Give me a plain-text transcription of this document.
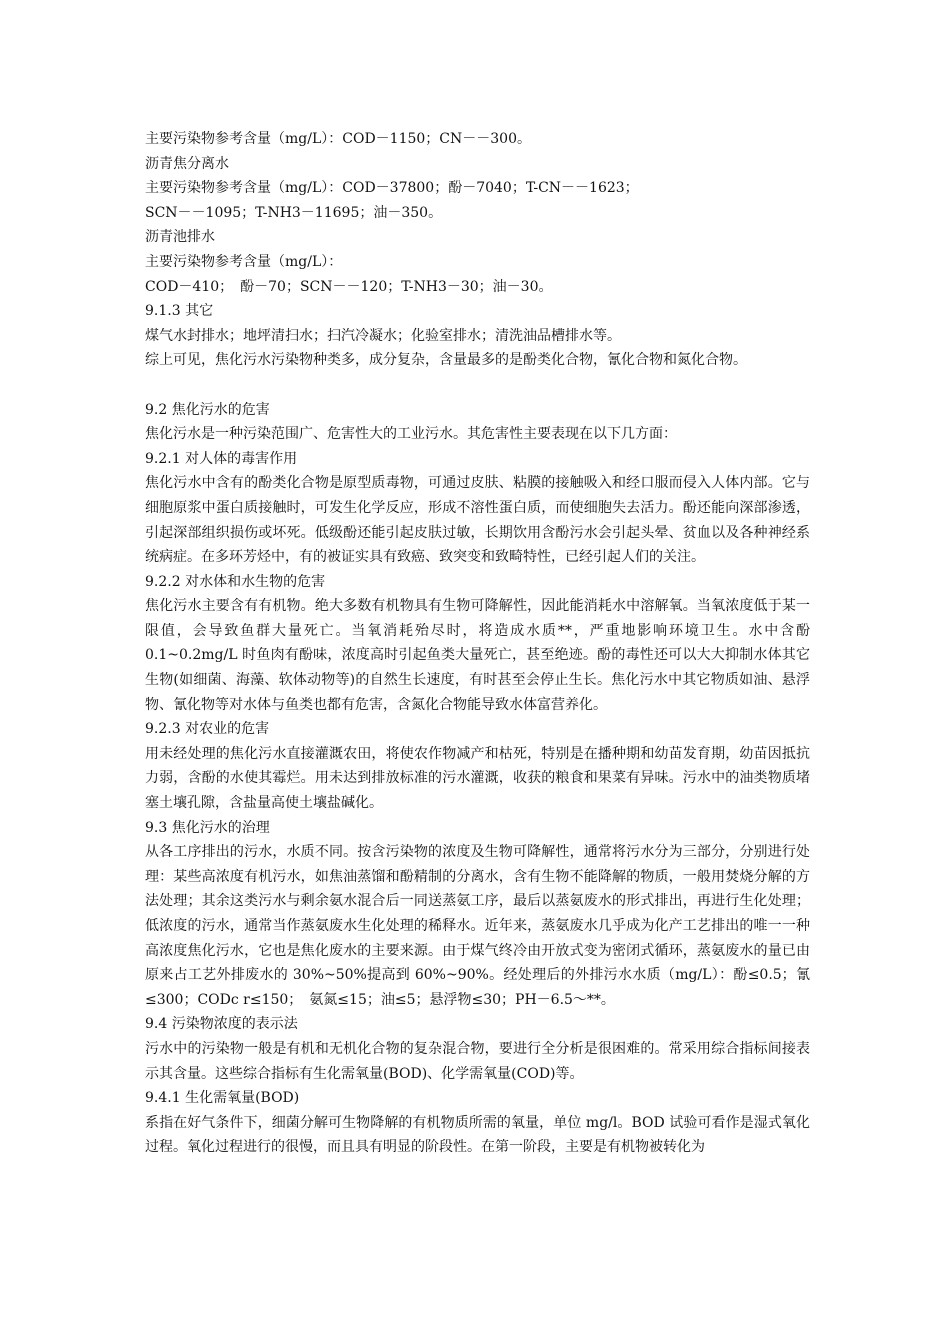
主要污染物参考含量（mg/L）：COD－1150；CN－－300。
沥青焦分离水
主要污染物参考含量（mg/L）：COD－37800；酚－7040；T-CN－－1623；
SCN－－1095；T-NH3－11695；油－350。
沥青池排水
主要污染物参考含量（mg/L）：
COD－410；　酚－70；SCN－－120；T-NH3－30；油－30。
9.1.3 其它
煤气水封排水；地坪清扫水；扫汽冷凝水；化验室排水；清洗油品槽排水等。
综上可见，焦化污水污染物种类多，成分复杂，含量最多的是酚类化合物，氰化合物和氮化合物。
9.2 焦化污水的危害
焦化污水是一种污染范围广、危害性大的工业污水。其危害性主要表现在以下几方面：
9.2.1 对人体的毒害作用
焦化污水中含有的酚类化合物是原型质毒物，可通过皮肤、粘膜的接触吸入和经口服而侵入人体内部。它与细胞原浆中蛋白质接触时，可发生化学反应，形成不溶性蛋白质，而使细胞失去活力。酚还能向深部渗透，引起深部组织损伤或坏死。低级酚还能引起皮肤过敏，长期饮用含酚污水会引起头晕、贫血以及各种神经系统病症。在多环芳烃中，有的被证实具有致癌、致突变和致畸特性，已经引起人们的关注。
9.2.2 对水体和水生物的危害
焦化污水主要含有有机物。绝大多数有机物具有生物可降解性，因此能消耗水中溶解氧。当氧浓度低于某一限值，会导致鱼群大量死亡。当氧消耗殆尽时，将造成水质**，严重地影响环境卫生。水中含酚 0.1~0.2mg/L 时鱼肉有酚味，浓度高时引起鱼类大量死亡，甚至绝迹。酚的毒性还可以大大抑制水体其它生物(如细菌、海藻、软体动物等)的自然生长速度，有时甚至会停止生长。焦化污水中其它物质如油、悬浮物、氰化物等对水体与鱼类也都有危害，含氮化合物能导致水体富营养化。
9.2.3 对农业的危害
用未经处理的焦化污水直接灌溉农田，将使农作物减产和枯死，特别是在播种期和幼苗发育期，幼苗因抵抗力弱，含酚的水使其霉烂。用未达到排放标准的污水灌溉，收获的粮食和果菜有异味。污水中的油类物质堵塞土壤孔隙，含盐量高使土壤盐碱化。
9.3 焦化污水的治理
从各工序排出的污水，水质不同。按含污染物的浓度及生物可降解性，通常将污水分为三部分，分别进行处理：某些高浓度有机污水，如焦油蒸馏和酚精制的分离水，含有生物不能降解的物质，一般用焚烧分解的方法处理；其余这类污水与剩余氨水混合后一同送蒸氨工序，最后以蒸氨废水的形式排出，再进行生化处理；低浓度的污水，通常当作蒸氨废水生化处理的稀释水。近年来，蒸氨废水几乎成为化产工艺排出的唯一一种高浓度焦化污水，它也是焦化废水的主要来源。由于煤气终冷由开放式变为密闭式循环，蒸氨废水的量已由原来占工艺外排废水的 30%~50%提高到 60%~90%。经处理后的外排污水水质（mg/L）：酚≤0.5；氰≤300；CODc r≤150；　氨氮≤15；油≤5；悬浮物≤30；PH－6.5～**。
9.4 污染物浓度的表示法
污水中的污染物一般是有机和无机化合物的复杂混合物，要进行全分析是很困难的。常采用综合指标间接表示其含量。这些综合指标有生化需氧量(BOD)、化学需氧量(COD)等。
9.4.1 生化需氧量(BOD)
系指在好气条件下，细菌分解可生物降解的有机物质所需的氧量，单位 mg/l。BOD 试验可看作是湿式氧化过程。氧化过程进行的很慢，而且具有明显的阶段性。在第一阶段，主要是有机物被转化为
